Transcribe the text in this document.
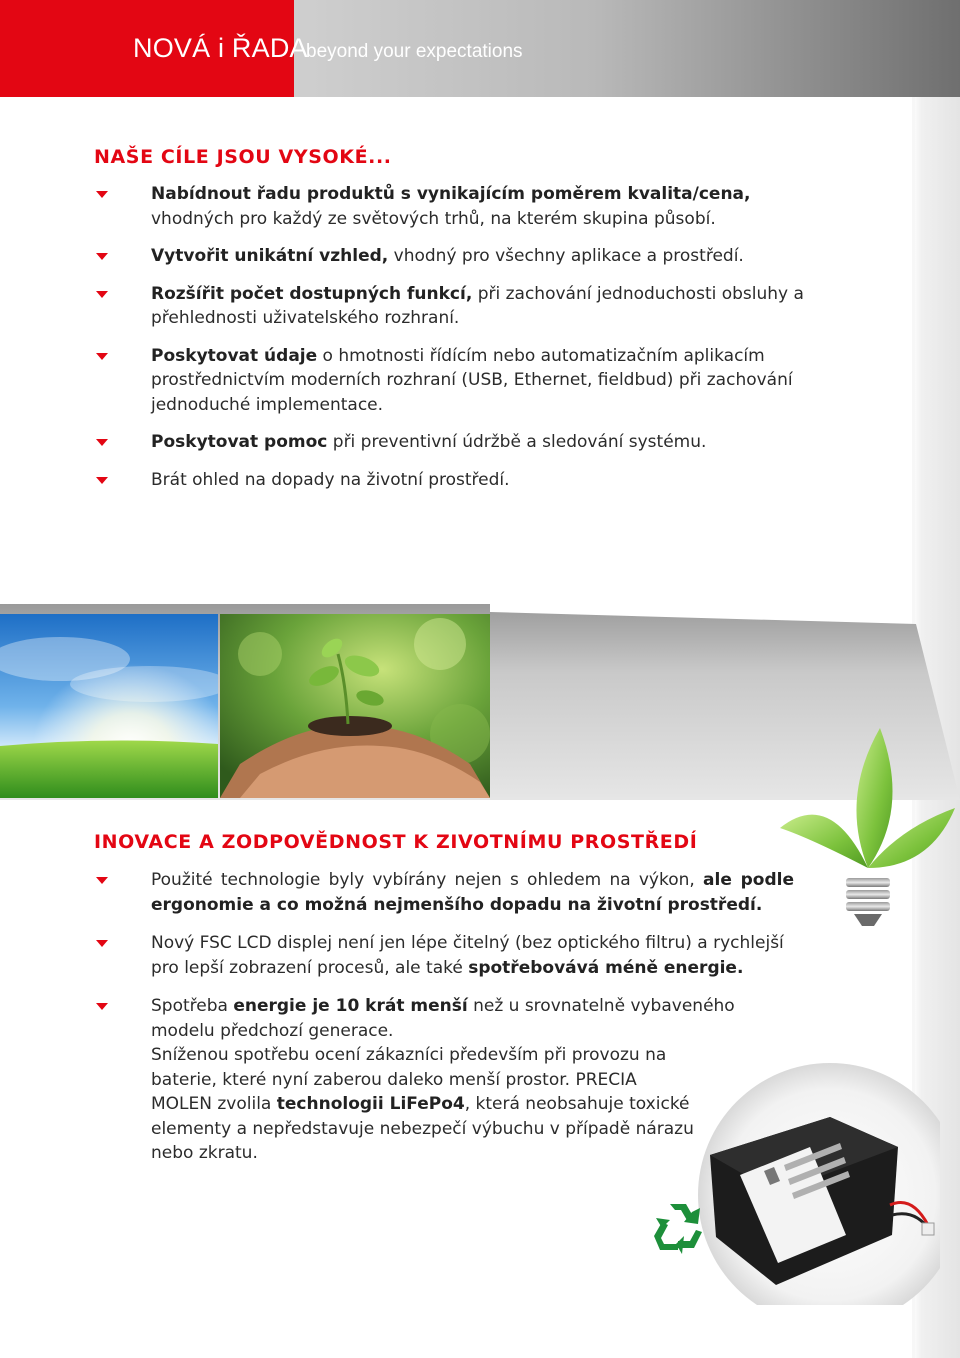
NOVÁ i ŘADA
beyond your expectations
NAŠE CÍLE JSOU VYSOKÉ...
Nabídnout řadu produktů s vynikajícím poměrem kvalita/cena, vhodných pro každý ze světových trhů, na kterém skupina působí.
Vytvořit unikátní vzhled, vhodný pro všechny aplikace a prostředí.
Rozšířit počet dostupných funkcí, při zachování jednoduchosti obsluhy a přehlednosti uživatelského rozhraní.
Poskytovat údaje o hmotnosti řídícím nebo automatizačním aplikacím prostřednictvím moderních rozhraní (USB, Ethernet, fieldbud) při zachování jednoduché implementace.
Poskytovat pomoc při preventivní údržbě a sledování systému.
Brát ohled na dopady na životní prostředí.
INOVACE A ZODPOVĚDNOST K ZIVOTNÍMU PROSTŘEDÍ
Použité technologie byly vybírány nejen s ohledem na výkon, ale podle ergonomie a co možná nejmenšího dopadu na životní prostředí.
Nový FSC LCD displej není jen lépe čitelný (bez optického filtru) a rychlejší pro lepší zobrazení procesů, ale také spotřebovává méně energie.
Spotřeba energie je 10 krát menší než u srovnatelně vybaveného modelu předchozí generace.
Sníženou spotřebu ocení zákazníci především při provozu na baterie, které nyní zaberou daleko menší prostor. PRECIA MOLEN zvolila technologii LiFePo4, která neobsahuje toxické elementy a nepředstavuje nebezpečí výbuchu v případě nárazu nebo zkratu.
